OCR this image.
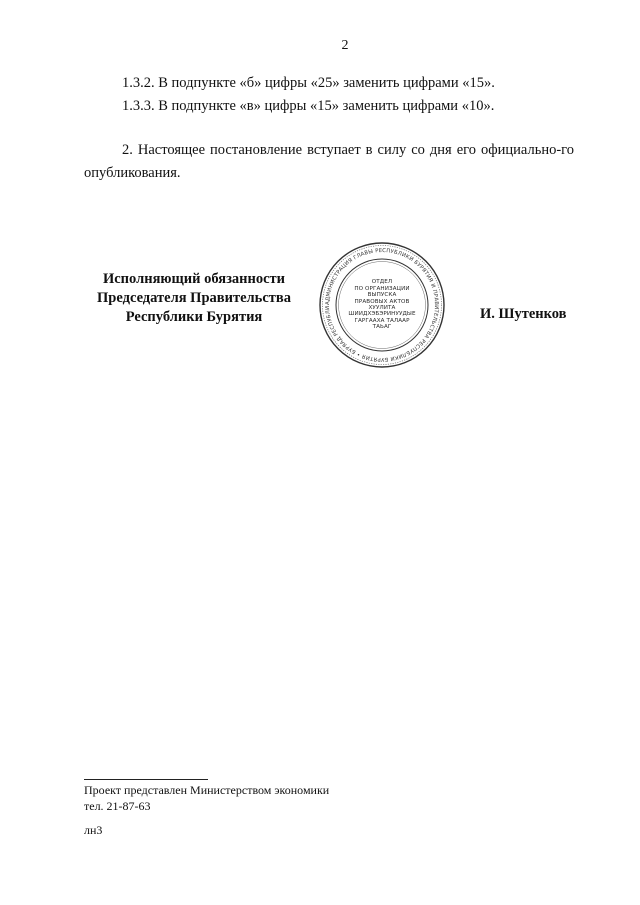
2

1.3.2. В подпункте «б» цифры «25» заменить цифрами «15».

1.3.3. В подпункте «в» цифры «15» заменить цифрами «10».

2. Настоящее постановление вступает в силу со дня его официально-го опубликования.

Исполняющий обязанности
Председателя Правительства
Республики Бурятия
АДМИНИСТРАЦИЯ ГЛАВЫ РЕСПУБЛИКИ БУРЯТИЯ И ПРАВИТЕЛЬСТВА РЕСПУБЛИКИ БУРЯТИЯ • БУРЯАД РЕСПУБЛИ
ОТДЕЛ
ПО ОРГАНИЗАЦИИ
ВЫПУСКА
ПРАВОВЫХ АКТОВ
ХУУЛИТА
ШИИДХЭБЭРИНУУДЫЕ
ГАРГААХА ТАЛААР
ТАЬАГ
И. Шутенков
Проект представлен Министерством экономики
тел. 21-87-63
лн3
